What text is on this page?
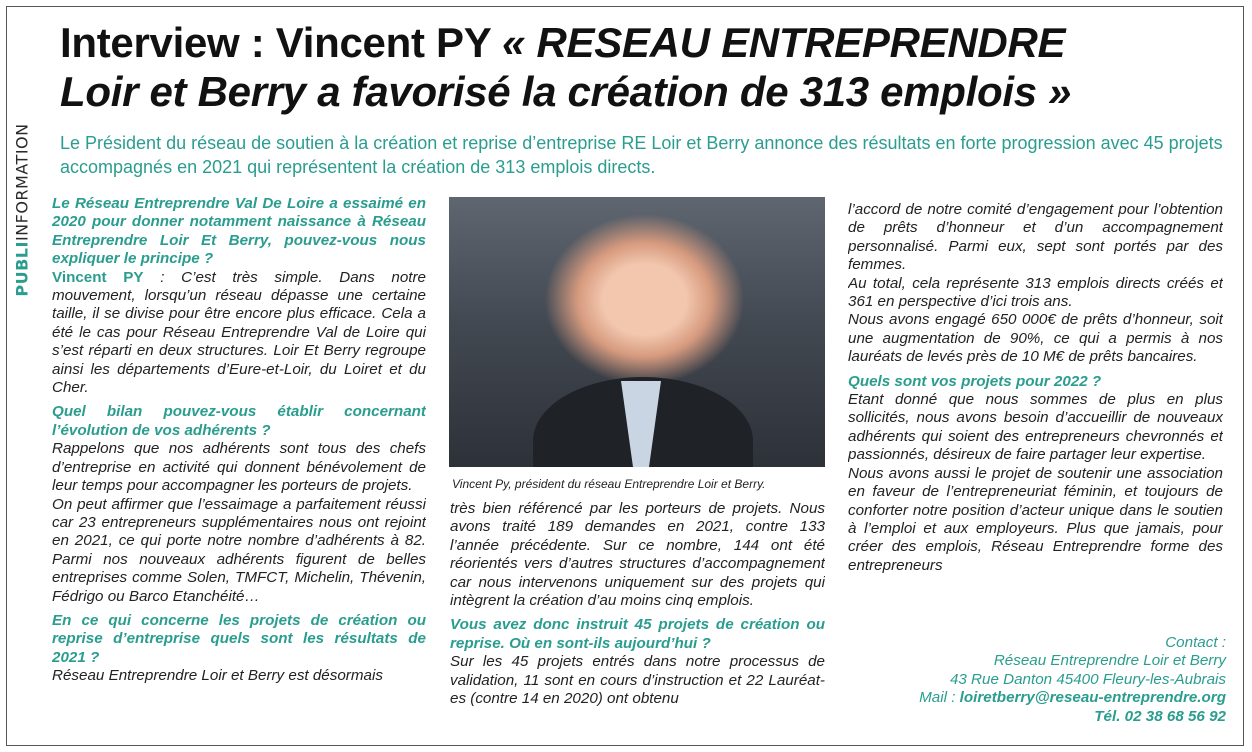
PUBLIINFORMATION
Interview : Vincent PY « RESEAU ENTREPRENDRE
Loir et Berry a favorisé la création de 313 emplois »
Le Président du réseau de soutien à la création et reprise d’entreprise RE Loir et Berry annonce des résultats en forte progression avec 45 projets accompagnés en 2021 qui représentent la création de 313 emplois directs.

Le Réseau Entreprendre Val De Loire a essaimé en 2020 pour donner notamment naissance à Réseau Entreprendre Loir Et Berry, pouvez-vous nous expliquer le principe ?

Vincent PY : C’est très simple. Dans notre mouvement, lorsqu’un réseau dépasse une certaine taille, il se divise pour être encore plus efficace. Cela a été le cas pour Réseau Entreprendre Val de Loire qui s’est réparti en deux structures. Loir Et Berry regroupe ainsi les départements d’Eure-et-Loir, du Loiret et du Cher.

Quel bilan pouvez-vous établir concernant l’évolution de vos adhérents ?

Rappelons que nos adhérents sont tous des chefs d’entreprise en activité qui donnent bénévolement de leur temps pour accompagner les porteurs de projets.

On peut affirmer que l’essaimage a parfaitement réussi car 23 entrepreneurs supplémentaires nous ont rejoint en 2021, ce qui porte notre nombre d’adhérents à 82. Parmi nos nouveaux adhérents figurent de belles entreprises comme Solen, TMFCT, Michelin, Thévenin, Fédrigo ou Barco Etanchéité…

En ce qui concerne les projets de création ou reprise d’entreprise quels sont les résultats de 2021 ?

Réseau Entreprendre Loir et Berry est désormais

Vincent Py, président du réseau Entreprendre Loir et Berry.

très bien référencé par les porteurs de projets. Nous avons traité 189 demandes en 2021, contre 133 l’année précédente. Sur ce nombre, 144 ont été réorientés vers d’autres structures d’accompagnement car nous intervenons uniquement sur des projets qui intègrent la création d’au moins cinq emplois.

Vous avez donc instruit 45 projets de création ou reprise. Où en sont-ils aujourd’hui ?

Sur les 45 projets entrés dans notre processus de validation, 11 sont en cours d’instruction et 22 Lauréat-es (contre 14 en 2020) ont obtenu

l’accord de notre comité d’engagement pour l’obtention de prêts d’honneur et d’un accompagnement personnalisé. Parmi eux, sept sont portés par des femmes.

Au total, cela représente 313 emplois directs créés et 361 en perspective d’ici trois ans.

Nous avons engagé 650 000€ de prêts d’honneur, soit une augmentation de 90%, ce qui a permis à nos lauréats de levés près de 10 M€ de prêts bancaires.

Quels sont vos projets pour 2022 ?

Etant donné que nous sommes de plus en plus sollicités, nous avons besoin d’accueillir de nouveaux adhérents qui soient des entrepreneurs chevronnés et passionnés, désireux de faire partager leur expertise.

Nous avons aussi le projet de soutenir une association en faveur de l’entrepreneuriat féminin, et toujours de conforter notre position d’acteur unique dans le soutien à l’emploi et aux employeurs. Plus que jamais, pour créer des emplois, Réseau Entreprendre forme des entrepreneurs

Contact :
Réseau Entreprendre Loir et Berry
43 Rue Danton 45400 Fleury-les-Aubrais
Mail : loiretberry@reseau-entreprendre.org
Tél. 02 38 68 56 92
